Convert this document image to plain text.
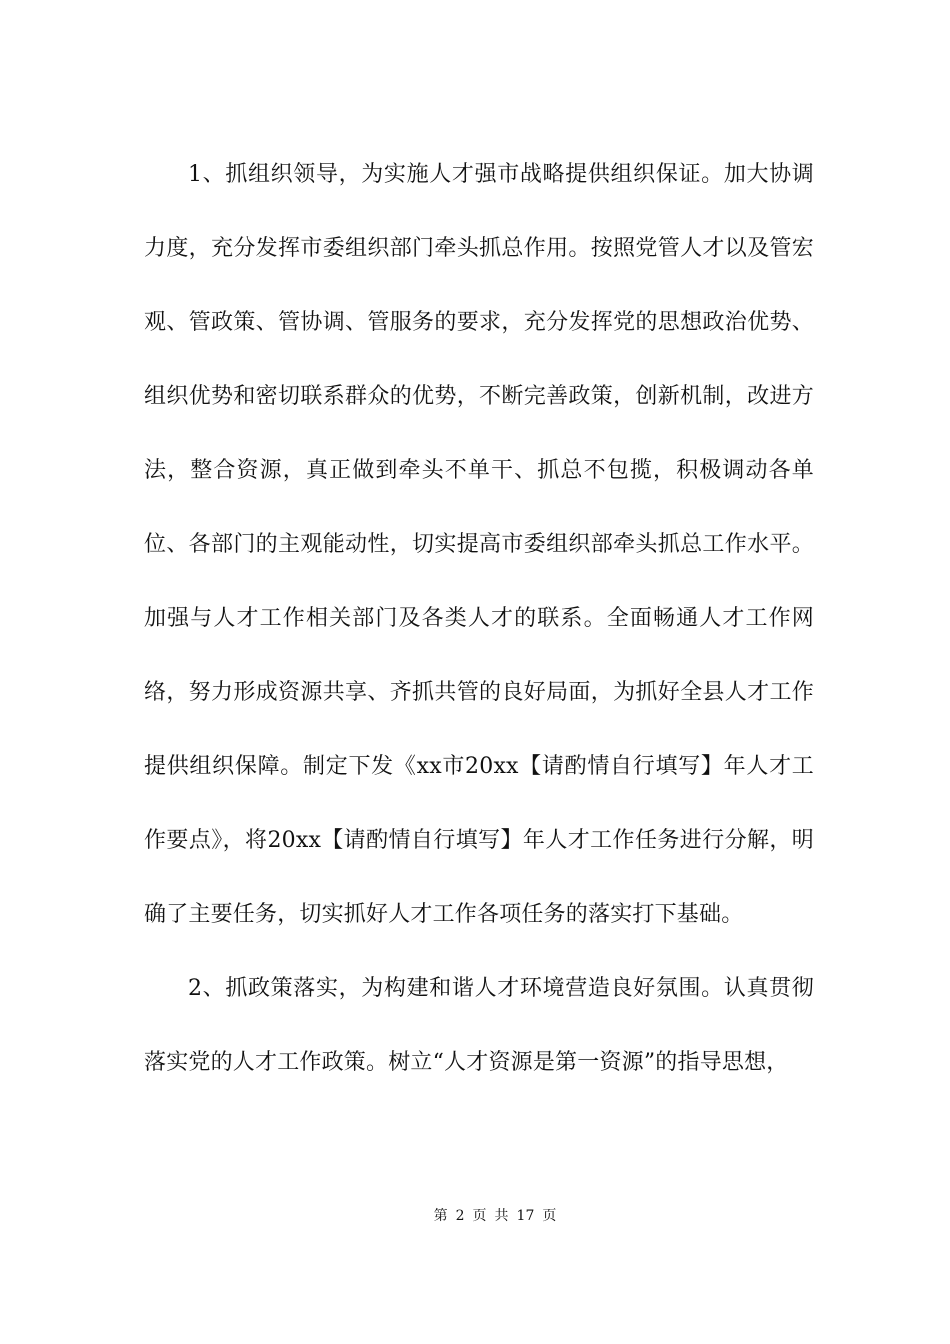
1、抓组织领导，为实施人才强市战略提供组织保证。加大协调力度，充分发挥市委组织部门牵头抓总作用。按照党管人才以及管宏观、管政策、管协调、管服务的要求，充分发挥党的思想政治优势、组织优势和密切联系群众的优势，不断完善政策，创新机制，改进方法，整合资源，真正做到牵头不单干、抓总不包揽，积极调动各单位、各部门的主观能动性，切实提高市委组织部牵头抓总工作水平。加强与人才工作相关部门及各类人才的联系。全面畅通人才工作网络，努力形成资源共享、齐抓共管的良好局面，为抓好全县人才工作提供组织保障。制定下发《xx市20xx【请酌情自行填写】年人才工作要点》，将20xx【请酌情自行填写】年人才工作任务进行分解，明确了主要任务，切实抓好人才工作各项任务的落实打下基础。

2、抓政策落实，为构建和谐人才环境营造良好氛围。认真贯彻落实党的人才工作政策。树立“人才资源是第一资源”的指导思想，

第 2 页 共 17 页
